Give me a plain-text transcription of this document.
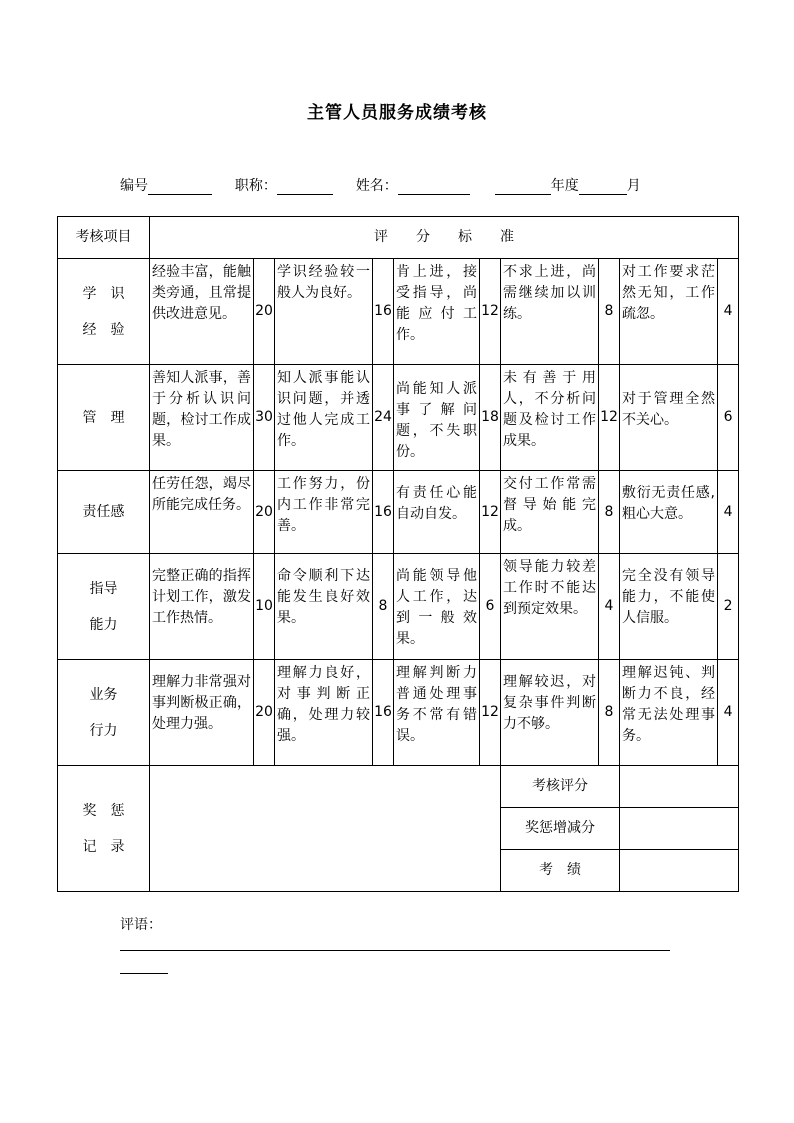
主管人员服务成绩考核
编号	职称：	姓名：	年度	月
考核项目	评　　分　　标　　准									

学　识
经　验	经验丰富，能触类旁通，且常提供改进意见。	20	学识经验较一般人为良好。	16	肯上进，接受指导，尚能应付工作。	12	不求上进，尚需继续加以训练。	8	对工作要求茫然无知，工作疏忽。	4

管　理	善知人派事，善于分析认识问题，检讨工作成果。	30	知人派事能认识问题，并透过他人完成工作。	24	尚能知人派事了解问题，不失职份。	18	未有善于用人，不分析问题及检讨工作成果。	12	对于管理全然不关心。	6

责任感	任劳任怨，竭尽所能完成任务。	20	工作努力，份内工作非常完善。	16	有责任心能自动自发。	12	交付工作常需督导始能完成。	8	敷衍无责任感,粗心大意。	4

指导
能力	完整正确的指挥计划工作，激发工作热情。	10	命令顺利下达能发生良好效果。	8	尚能领导他人工作，达到一般效果。	6	领导能力较差工作时不能达到预定效果。	4	完全没有领导能力，不能使人信服。	2

业务
行力	理解力非常强对事判断极正确，处理力强。	20	理解力良好，对事判断正确，处理力较强。	16	理解判断力普通处理事务不常有错误。	12	理解较迟，对复杂事件判断力不够。	8	理解迟钝、判断力不良，经常无法处理事务。	4

奖　惩
记　录							考核评分			
							奖惩增减分			
							考　绩			
评语：
